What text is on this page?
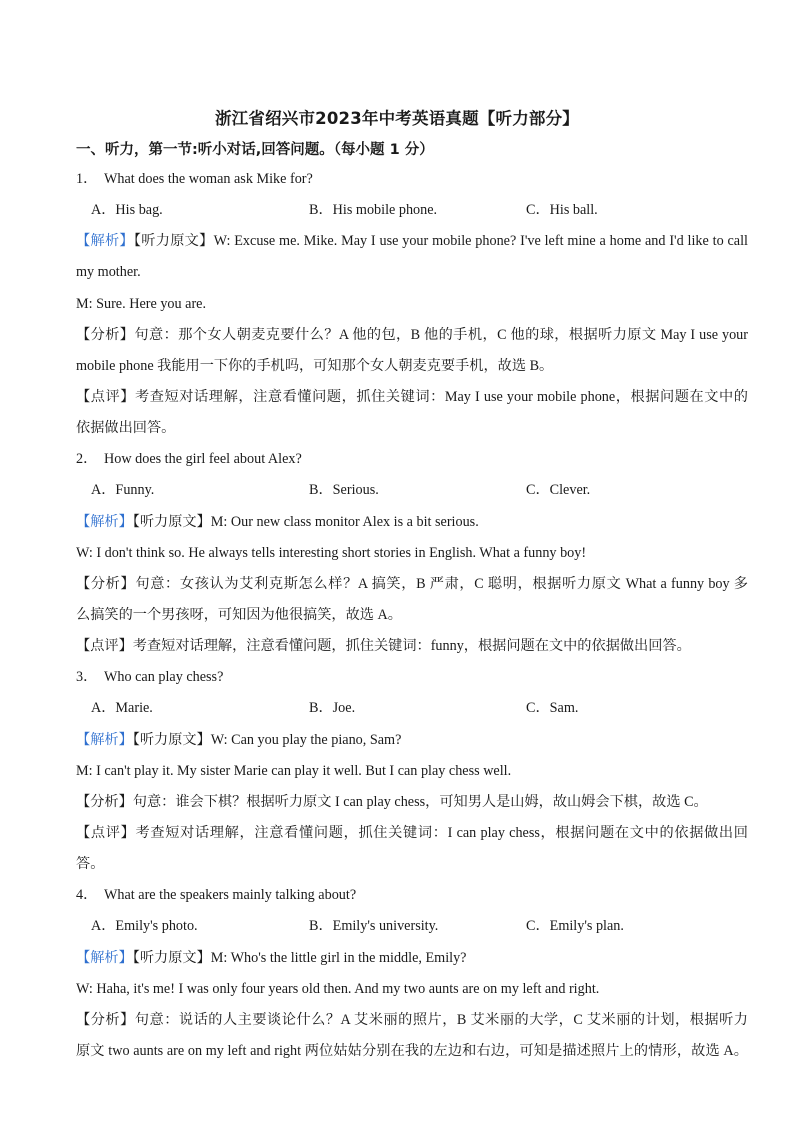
浙江省绍兴市2023年中考英语真题【听力部分】
一、听力，第一节:听小对话,回答问题。（每小题 1 分）
1． What does the woman ask Mike for?
A．His bag.	B．His mobile phone.	C．His ball.
【解析】【听力原文】W: Excuse me. Mike. May I use your mobile phone? I've left mine a home and I'd like to call
my mother.
M: Sure. Here you are.
【分析】句意：那个女人朝麦克要什么？A 他的包，B 他的手机，C 他的球，根据听力原文 May I use your
mobile phone 我能用一下你的手机吗，可知那个女人朝麦克要手机，故选 B。
【点评】考查短对话理解，注意看懂问题，抓住关键词：May I use your mobile phone，根据问题在文中的
依据做出回答。
2． How does the girl feel about Alex?
A．Funny.	B．Serious.	C．Clever.
【解析】【听力原文】M: Our new class monitor Alex is a bit serious.
W: I don't think so. He always tells interesting short stories in English. What a funny boy!
【分析】句意：女孩认为艾利克斯怎么样？A 搞笑，B 严肃，C 聪明，根据听力原文 What a funny boy 多
么搞笑的一个男孩呀，可知因为他很搞笑，故选 A。
【点评】考查短对话理解，注意看懂问题，抓住关键词：funny，根据问题在文中的依据做出回答。
3． Who can play chess?
A．Marie.	B．Joe.	C．Sam.
【解析】【听力原文】W: Can you play the piano, Sam?
M: I can't play it. My sister Marie can play it well. But I can play chess well.
【分析】句意：谁会下棋？根据听力原文 I can play chess，可知男人是山姆，故山姆会下棋，故选 C。
【点评】考查短对话理解，注意看懂问题，抓住关键词：I can play chess，根据问题在文中的依据做出回
答。
4． What are the speakers mainly talking about?
A．Emily's photo.	B．Emily's university.	C．Emily's plan.
【解析】【听力原文】M: Who's the little girl in the middle, Emily?
W: Haha, it's me! I was only four years old then. And my two aunts are on my left and right.
【分析】句意：说话的人主要谈论什么？A 艾米丽的照片，B 艾米丽的大学，C 艾米丽的计划，根据听力
原文 two aunts are on my left and right 两位姑姑分别在我的左边和右边，可知是描述照片上的情形，故选 A。
